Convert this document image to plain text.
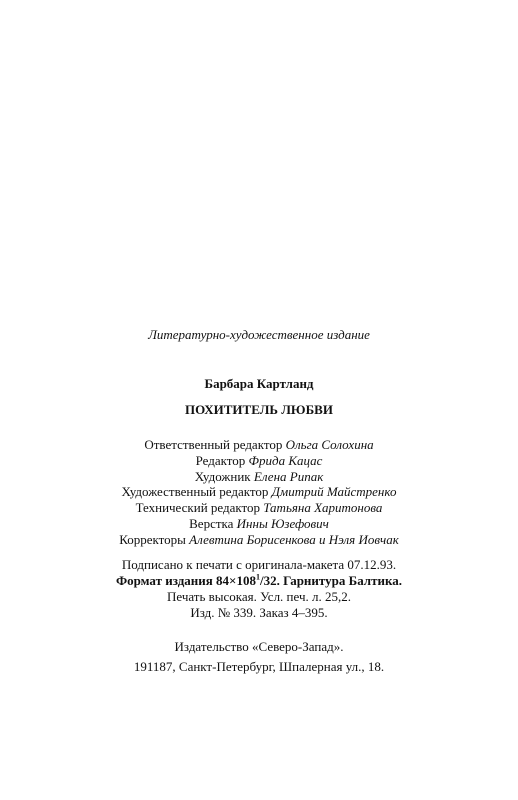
Литературно-художественное издание
Барбара Картланд
ПОХИТИТЕЛЬ ЛЮБВИ
Ответственный редактор Ольга Солохина
Редактор Фрида Кацас
Художник Елена Рипак
Художественный редактор Дмитрий Майстренко
Технический редактор Татьяна Харитонова
Верстка Инны Юзефович
Корректоры Алевтина Борисенкова и Нэля Иовчак
Подписано к печати с оригинала-макета 07.12.93.
Формат издания $84\times 108^1/32$. Гарнитура Балтика.
Печать высокая. Усл. печ. л. 25,2.
Изд. № 339. Заказ 4–395.
Издательство «Северо-Запад».
191187, Санкт-Петербург, Шпалерная ул., 18.
